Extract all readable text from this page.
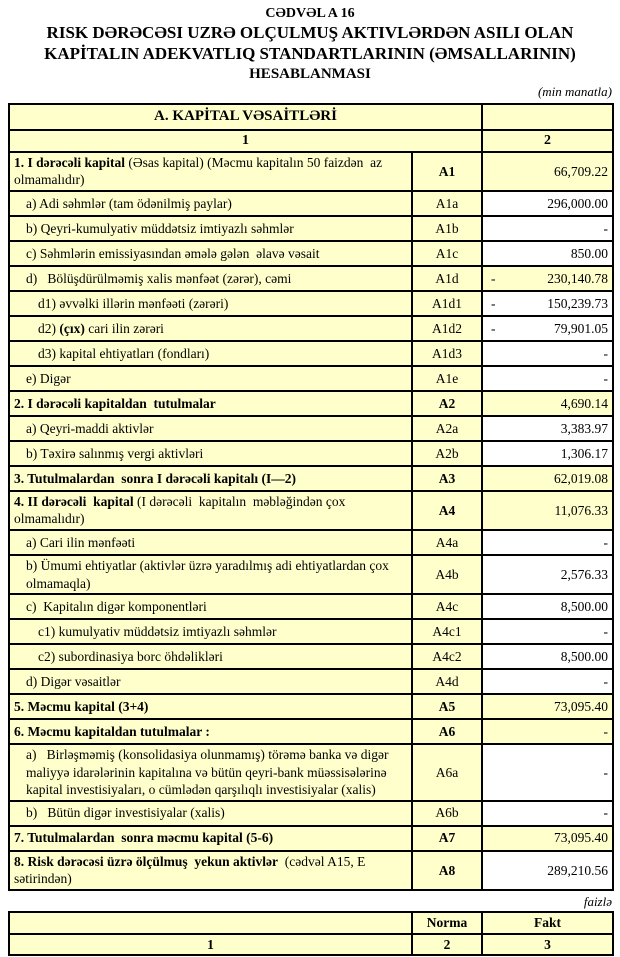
CƏDVƏL A 16
RISK DƏRƏCƏSI UZRƏ OLÇULMUŞ AKTIVLƏRDƏN ASILI OLAN
KAPİTALIN ADEKVATLIQ STANDARTLARININ (ƏMSALLARININ)
HESABLANMASI
(min manatla)
A. KAPİTAL VƏSAİTLƏRİ		
1		2
1. I dərəcəli kapital (Əsas kapital) (Məcmu kapitalın 50 faizdən  az olmamalıdır)	A1	66,709.22

a) Adi səhmlər (tam ödənilmiş paylar)	A1a	296,000.00

b) Qeyri-kumulyativ müddətsiz imtiyazlı səhmlər	A1b	-

c) Səhmlərin emissiyasından əmələ gələn  əlavə vəsait	A1c	850.00

d)   Bölüşdürülməmiş xalis mənfəət (zərər), cəmi	A1d	- 230,140.78

d1) əvvəlki illərin mənfəəti (zərəri)	A1d1	- 150,239.73

d2) (çıx) cari ilin zərəri	A1d2	- 79,901.05

d3) kapital ehtiyatları (fondları)	A1d3	-

e) Digər	A1e	-

2. I dərəcəli kapitaldan  tutulmalar	A2	4,690.14

a) Qeyri-maddi aktivlər	A2a	3,383.97

b) Təxirə salınmış vergi aktivləri	A2b	1,306.17

3. Tutulmalardan  sonra I dərəcəli kapitalı (I—2)	A3	62,019.08

4. II dərəcəli  kapital (I dərəcəli  kapitalın  məbləğindən çox olmamalıdır)	A4	11,076.33

a) Cari ilin mənfəəti	A4a	-

b) Ümumi ehtiyatlar (aktivlər üzrə yaradılmış adi ehtiyatlardan çox olmamaqla)	A4b	2,576.33

c)  Kapitalın digər komponentləri	A4c	8,500.00

c1) kumulyativ müddətsiz imtiyazlı səhmlər	A4c1	-

c2) subordinasiya borc öhdəlikləri	A4c2	8,500.00

d) Digər vəsaitlər	A4d	-

5. Məcmu kapital (3+4)	A5	73,095.40

6. Məcmu kapitaldan tutulmalar :	A6	-

a)   Birləşməmiş (konsolidasiya olunmamış) törəmə banka və digər maliyyə idarələrinin kapitalına və bütün qeyri-bank müəssisələrinə kapital investisiyaları, o cümlədən qarşılıqlı investisiyalar (xalis)	A6a	-

b)   Bütün digər investisiyalar (xalis)	A6b	-

7. Tutulmalardan  sonra məcmu kapital (5-6)	A7	73,095.40

8. Risk dərəcəsi üzrə ölçülmuş  yekun aktivlər  (cədvəl A15, E sətirindən)	A8	289,210.56
faizlə
	Norma	Fakt
1	2	3
